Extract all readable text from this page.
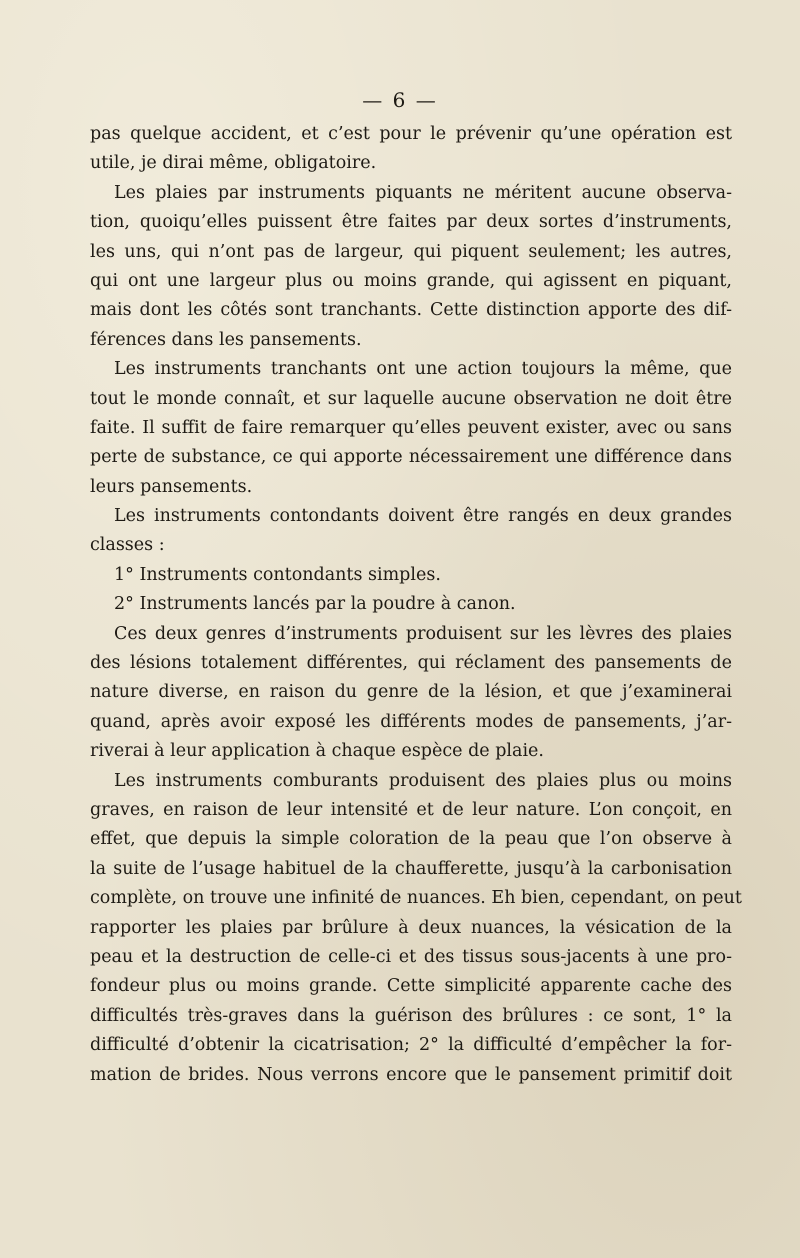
— 6 —
pas quelque accident, et c’est pour le prévenir qu’une opération est
utile, je dirai même, obligatoire.
Les plaies par instruments piquants ne méritent aucune observa-
tion, quoiqu’elles puissent être faites par deux sortes d’instruments,
les uns, qui n’ont pas de largeur, qui piquent seulement; les autres,
qui ont une largeur plus ou moins grande, qui agissent en piquant,
mais dont les côtés sont tranchants. Cette distinction apporte des dif-
férences dans les pansements.
Les instruments tranchants ont une action toujours la même, que
tout le monde connaît, et sur laquelle aucune observation ne doit être
faite. Il suffit de faire remarquer qu’elles peuvent exister, avec ou sans
perte de substance, ce qui apporte nécessairement une différence dans
leurs pansements.
Les instruments contondants doivent être rangés en deux grandes
classes :
1° Instruments contondants simples.
2° Instruments lancés par la poudre à canon.
Ces deux genres d’instruments produisent sur les lèvres des plaies
des lésions totalement différentes, qui réclament des pansements de
nature diverse, en raison du genre de la lésion, et que j’examinerai
quand, après avoir exposé les différents modes de pansements, j’ar-
riverai à leur application à chaque espèce de plaie.
Les instruments comburants produisent des plaies plus ou moins
graves, en raison de leur intensité et de leur nature. L’on conçoit, en
effet, que depuis la simple coloration de la peau que l’on observe à
la suite de l’usage habituel de la chaufferette, jusqu’à la carbonisation
complète, on trouve une infinité de nuances. Eh bien, cependant, on peut
rapporter les plaies par brûlure à deux nuances, la vésication de la
peau et la destruction de celle-ci et des tissus sous-jacents à une pro-
fondeur plus ou moins grande. Cette simplicité apparente cache des
difficultés très-graves dans la guérison des brûlures : ce sont, 1° la
difficulté d’obtenir la cicatrisation; 2° la difficulté d’empêcher la for-
mation de brides. Nous verrons encore que le pansement primitif doit
